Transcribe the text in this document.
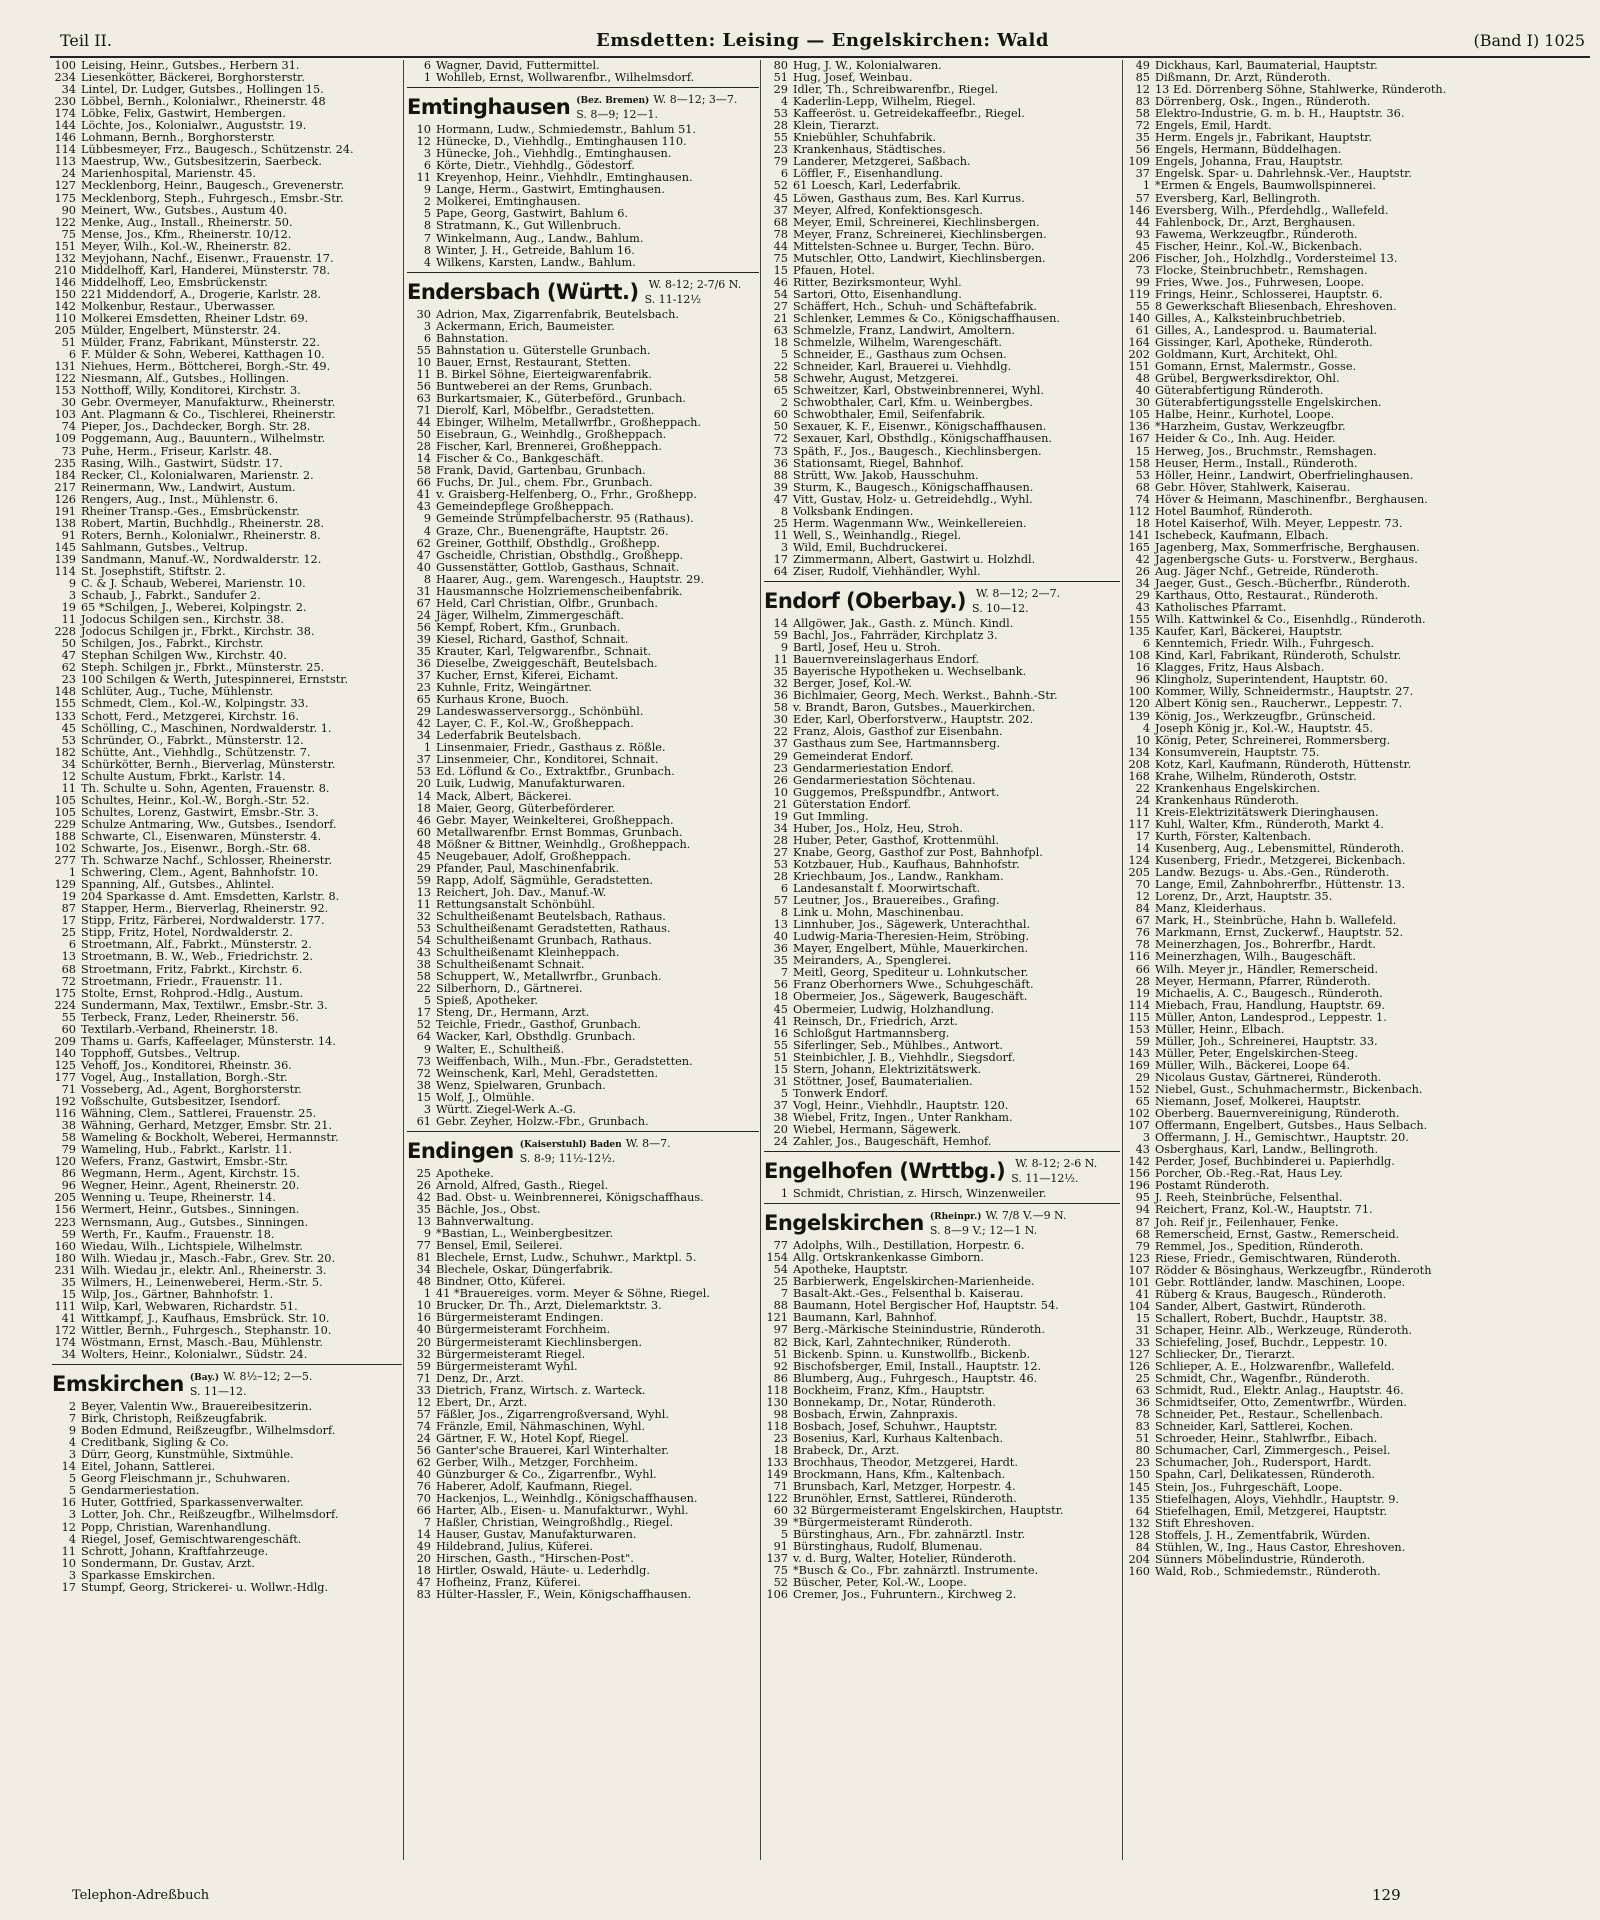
Teil II.	Emsdetten: Leising — Engelskirchen: Wald	(Band I) 1025
100 Leising, Heinr., Gutsbes., Herbern 31.
234 Liesenkötter, Bäckerei, Borghorsterstr.
34 Lintel, Dr. Ludger, Gutsbes., Hollingen 15.
230 Löbbel, Bernh., Kolonialwr., Rheinerstr. 48
174 Löbke, Felix, Gastwirt, Hembergen.
144 Löchte, Jos., Kolonialwr., Auguststr. 19.
146 Lohmann, Bernh., Borghorsterstr.
114 Lübbesmeyer, Frz., Baugesch., Schützenstr. 24.
113 Maestrup, Ww., Gutsbesitzerin, Saerbeck.
24 Marienhospital, Marienstr. 45.
127 Mecklenborg, Heinr., Baugesch., Grevenerstr.
175 Mecklenborg, Steph., Fuhrgesch., Emsbr.-Str.
90 Meinert, Ww., Gutsbes., Austum 40.
122 Menke, Aug., Install., Rheinerstr. 50.
75 Mense, Jos., Kfm., Rheinerstr. 10/12.
151 Meyer, Wilh., Kol.-W., Rheinerstr. 82.
132 Meyjohann, Nachf., Eisenwr., Frauenstr. 17.
210 Middelhoff, Karl, Handerei, Münsterstr. 78.
146 Middelhoff, Leo, Emsbrückenstr.
150 221 Middendorf, A., Drogerie, Karlstr. 28.
142 Molkenbur, Restaur., Überwasser.
110 Molkerei Emsdetten, Rheiner Ldstr. 69.
205 Mülder, Engelbert, Münsterstr. 24.
51 Mülder, Franz, Fabrikant, Münsterstr. 22.
6 F. Mülder & Sohn, Weberei, Katthagen 10.
131 Niehues, Herm., Böttcherei, Borgh.-Str. 49.
122 Niesmann, Alf., Gutsbes., Hollingen.
153 Notthoff, Willy, Konditorei, Kirchstr. 3.
30 Gebr. Overmeyer, Manufakturw., Rheinerstr.
103 Ant. Plagmann & Co., Tischlerei, Rheinerstr.
74 Pieper, Jos., Dachdecker, Borgh. Str. 28.
109 Poggemann, Aug., Bauuntern., Wilhelmstr.
73 Puhe, Herm., Friseur, Karlstr. 48.
235 Rasing, Wilh., Gastwirt, Südstr. 17.
184 Recker, Cl., Kolonialwaren, Marienstr. 2.
217 Reinermann, Ww., Landwirt, Austum.
126 Rengers, Aug., Inst., Mühlenstr. 6.
191 Rheiner Transp.-Ges., Emsbrückenstr.
138 Robert, Martin, Buchhdlg., Rheinerstr. 28.
91 Roters, Bernh., Kolonialwr., Rheinerstr. 8.
145 Sahlmann, Gutsbes., Veltrup.
139 Sandmann, Manuf.-W., Nordwalderstr. 12.
114 St. Josephstift, Stiftstr. 2.
9 C. & J. Schaub, Weberei, Marienstr. 10.
3 Schaub, J., Fabrkt., Sandufer 2.
19 65 *Schilgen, J., Weberei, Kolpingstr. 2.
11 Jodocus Schilgen sen., Kirchstr. 38.
228 Jodocus Schilgen jr., Fbrkt., Kirchstr. 38.
50 Schilgen, Jos., Fabrkt., Kirchstr.
47 Stephan Schilgen Ww., Kirchstr. 40.
62 Steph. Schilgen jr., Fbrkt., Münsterstr. 25.
23 100 Schilgen & Werth, Jutespinnerei, Ernststr.
148 Schlüter, Aug., Tuche, Mühlenstr.
155 Schmedt, Clem., Kol.-W., Kolpingstr. 33.
133 Schott, Ferd., Metzgerei, Kirchstr. 16.
45 Schölling, C., Maschinen, Nordwalderstr. 1.
53 Schründer, O., Fabrkt., Münsterstr. 12.
182 Schütte, Ant., Viehhdlg., Schützenstr. 7.
34 Schürkötter, Bernh., Bierverlag, Münsterstr.
12 Schulte Austum, Fbrkt., Karlstr. 14.
11 Th. Schulte u. Sohn, Agenten, Frauenstr. 8.
105 Schultes, Heinr., Kol.-W., Borgh.-Str. 52.
105 Schultes, Lorenz, Gastwirt, Emsbr.-Str. 3.
229 Schulze Antmaring, Ww., Gutsbes., Isendorf.
188 Schwarte, Cl., Eisenwaren, Münsterstr. 4.
102 Schwarte, Jos., Eisenwr., Borgh.-Str. 68.
277 Th. Schwarze Nachf., Schlosser, Rheinerstr.
1 Schwering, Clem., Agent, Bahnhofstr. 10.
129 Spanning, Alf., Gutsbes., Ahlintel.
19 204 Sparkasse d. Amt. Emsdetten, Karlstr. 8.
87 Stapper, Herm., Bierverlag, Rheinerstr. 92.
17 Stipp, Fritz, Färberei, Nordwalderstr. 177.
25 Stipp, Fritz, Hotel, Nordwalderstr. 2.
6 Stroetmann, Alf., Fabrkt., Münsterstr. 2.
13 Stroetmann, B. W., Web., Friedrichstr. 2.
68 Stroetmann, Fritz, Fabrkt., Kirchstr. 6.
72 Stroetmann, Friedr., Frauenstr. 11.
175 Stolte, Ernst, Rohprod.-Hdlg., Austum.
224 Sundermann, Max, Textilwr., Emsbr.-Str. 3.
55 Terbeck, Franz, Leder, Rheinerstr. 56.
60 Textilarb.-Verband, Rheinerstr. 18.
209 Thams u. Garfs, Kaffeelager, Münsterstr. 14.
140 Topphoff, Gutsbes., Veltrup.
125 Vehoff, Jos., Konditorei, Rheinstr. 36.
177 Vogel, Aug., Installation, Borgh.-Str.
71 Vosseberg, Ad., Agent, Borghorsterstr.
192 Voßschulte, Gutsbesitzer, Isendorf.
116 Wähning, Clem., Sattlerei, Frauenstr. 25.
38 Wähning, Gerhard, Metzger, Emsbr. Str. 21.
58 Wameling & Bockholt, Weberei, Hermannstr.
79 Wameling, Hub., Fabrkt., Karlstr. 11.
120 Wefers, Franz, Gastwirt, Emsbr.-Str.
86 Wegmann, Herm., Agent, Kirchstr. 15.
96 Wegner, Heinr., Agent, Rheinerstr. 20.
205 Wenning u. Teupe, Rheinerstr. 14.
156 Wermert, Heinr., Gutsbes., Sinningen.
223 Wernsmann, Aug., Gutsbes., Sinningen.
59 Werth, Fr., Kaufm., Frauenstr. 18.
160 Wiedau, Wilh., Lichtspiele, Wilhelmstr.
180 Wilh. Wiedau jr., Masch.-Fabr., Grev. Str. 20.
231 Wilh. Wiedau jr., elektr. Anl., Rheinerstr. 3.
35 Wilmers, H., Leinenweberei, Herm.-Str. 5.
15 Wilp, Jos., Gärtner, Bahnhofstr. 1.
111 Wilp, Karl, Webwaren, Richardstr. 51.
41 Wittkampf, J., Kaufhaus, Emsbrück. Str. 10.
172 Wittler, Bernh., Fuhrgesch., Stephanstr. 10.
174 Wöstmann, Ernst, Masch.-Bau, Mühlenstr.
34 Wolters, Heinr., Kolonialwr., Südstr. 24.
Emskirchen (Bay.) W. 8½–12; 2—5.
S. 11—12.
2 Beyer, Valentin Ww., Brauereibesitzerin.
7 Birk, Christoph, Reißzeugfabrik.
9 Boden Edmund, Reißzeugfbr., Wilhelmsdorf.
4 Creditbank, Sigling & Co.
3 Dürr, Georg, Kunstmühle, Sixtmühle.
14 Eitel, Johann, Sattlerei.
5 Georg Fleischmann jr., Schuhwaren.
5 Gendarmeriestation.
16 Huter, Gottfried, Sparkassenverwalter.
3 Lotter, Joh. Chr., Reißzeugfbr., Wilhelmsdorf.
12 Popp, Christian, Warenhandlung.
4 Riegel, Josef, Gemischtwarengeschäft.
11 Schrott, Johann, Kraftfahrzeuge.
10 Sondermann, Dr. Gustav, Arzt.
3 Sparkasse Emskirchen.
17 Stumpf, Georg, Strickerei- u. Wollwr.-Hdlg.
6 Wagner, David, Futtermittel.
1 Wohlleb, Ernst, Wollwarenfbr., Wilhelmsdorf.
Emtinghausen (Bez. Bremen) W. 8—12; 3—7.
S. 8—9; 12—1.
10 Hormann, Ludw., Schmiedemstr., Bahlum 51.
12 Hünecke, D., Viehhdlg., Emtinghausen 110.
3 Hünecke, Joh., Viehhdlg., Emtinghausen.
6 Körte, Dietr., Viehhdlg., Gödestorf.
11 Kreyenhop, Heinr., Viehhdlr., Emtinghausen.
9 Lange, Herm., Gastwirt, Emtinghausen.
2 Molkerei, Emtinghausen.
5 Pape, Georg, Gastwirt, Bahlum 6.
8 Stratmann, K., Gut Willenbruch.
7 Winkelmann, Aug., Landw., Bahlum.
8 Winter, J. H., Getreide, Bahlum 16.
4 Wilkens, Karsten, Landw., Bahlum.
Endersbach (Württ.) W. 8-12; 2-7/6 N.
S. 11-12½
30 Adrion, Max, Zigarrenfabrik, Beutelsbach.
3 Ackermann, Erich, Baumeister.
6 Bahnstation.
55 Bahnstation u. Güterstelle Grunbach.
10 Bauer, Ernst, Restaurant, Stetten.
11 B. Birkel Söhne, Eierteigwarenfabrik.
56 Buntweberei an der Rems, Grunbach.
63 Burkartsmaier, K., Güterbeförd., Grunbach.
71 Dierolf, Karl, Möbelfbr., Geradstetten.
44 Ebinger, Wilhelm, Metallwrfbr., Großheppach.
50 Eisebraun, G., Weinhdlg., Großheppach.
28 Fischer, Karl, Brennerei, Großheppach.
14 Fischer & Co., Bankgeschäft.
58 Frank, David, Gartenbau, Grunbach.
66 Fuchs, Dr. Jul., chem. Fbr., Grunbach.
41 v. Graisberg-Helfenberg, O., Frhr., Großhepp.
43 Gemeindepflege Großheppach.
9 Gemeinde Strümpfelbacherstr. 95 (Rathaus).
4 Graze, Chr., Buenengräfte, Hauptstr. 26.
62 Greiner, Gotthilf, Obsthdlg., Großhepp.
47 Gscheidle, Christian, Obsthdlg., Großhepp.
40 Gussenstätter, Gottlob, Gasthaus, Schnait.
8 Haarer, Aug., gem. Warengesch., Hauptstr. 29.
31 Hausmannsche Holzriemenscheibenfabrik.
67 Held, Carl Christian, Ölfbr., Grunbach.
24 Jäger, Wilhelm, Zimmergeschäft.
56 Kempf, Robert, Kfm., Grunbach.
39 Kiesel, Richard, Gasthof, Schnait.
35 Krauter, Karl, Telgwarenfbr., Schnait.
36 Dieselbe, Zweiggeschäft, Beutelsbach.
37 Kucher, Ernst, Kiferei, Eichamt.
23 Kuhnle, Fritz, Weingärtner.
65 Kurhaus Krone, Buoch.
29 Landeswasserversorgg., Schönbühl.
42 Layer, C. F., Kol.-W., Großheppach.
34 Lederfabrik Beutelsbach.
1 Linsenmaier, Friedr., Gasthaus z. Rößle.
37 Linsenmeier, Chr., Konditorei, Schnait.
53 Ed. Löflund & Co., Extraktfbr., Grunbach.
20 Luik, Ludwig, Manufakturwaren.
14 Mack, Albert, Bäckerei.
18 Maier, Georg, Güterbeförderer.
46 Gebr. Mayer, Weinkelterei, Großheppach.
60 Metallwarenfbr. Ernst Bommas, Grunbach.
48 Mößner & Bittner, Weinhdlg., Großheppach.
45 Neugebauer, Adolf, Großheppach.
29 Pfander, Paul, Maschinenfabrik.
59 Rapp, Adolf, Sägmühle, Geradstetten.
13 Reichert, Joh. Dav., Manuf.-W.
11 Rettungsanstalt Schönbühl.
32 Schultheißenamt Beutelsbach, Rathaus.
53 Schultheißenamt Geradstetten, Rathaus.
54 Schultheißenamt Grunbach, Rathaus.
43 Schultheißenamt Kleinheppach.
38 Schultheißenamt Schnait.
58 Schuppert, W., Metallwrfbr., Grunbach.
22 Silberhorn, D., Gärtnerei.
5 Spieß, Apotheker.
17 Steng, Dr., Hermann, Arzt.
52 Teichle, Friedr., Gasthof, Grunbach.
64 Wacker, Karl, Obsthdlg. Grunbach.
9 Walter, E., Schultheiß.
73 Weiffenbach, Wilh., Mun.-Fbr., Geradstetten.
72 Weinschenk, Karl, Mehl, Geradstetten.
38 Wenz, Spielwaren, Grunbach.
15 Wolf, J., Ölmühle.
3 Württ. Ziegel-Werk A.-G.
61 Gebr. Zeyher, Holzw.-Fbr., Grunbach.
Endingen (Kaiserstuhl) Baden W. 8—7.
S. 8-9; 11½-12½.
25 Apotheke.
26 Arnold, Alfred, Gasth., Riegel.
42 Bad. Obst- u. Weinbrennerei, Königschaffhaus.
35 Bächle, Jos., Obst.
13 Bahnverwaltung.
9 *Bastian, L., Weinbergbesitzer.
77 Bensel, Emil, Seilerei.
81 Blechele, Ernst, Ludw., Schuhwr., Marktpl. 5.
34 Blechele, Oskar, Düngerfabrik.
48 Bindner, Otto, Küferei.
1 41 *Brauereiges. vorm. Meyer & Söhne, Riegel.
10 Brucker, Dr. Th., Arzt, Dielemarktstr. 3.
16 Bürgermeisteramt Endingen.
40 Bürgermeisteramt Forchheim.
20 Bürgermeisteramt Kiechlinsbergen.
32 Bürgermeisteramt Riegel.
59 Bürgermeisteramt Wyhl.
71 Denz, Dr., Arzt.
33 Dietrich, Franz, Wirtsch. z. Warteck.
12 Ebert, Dr., Arzt.
57 Fäßler, Jos., Zigarrengroßversand, Wyhl.
74 Fränzle, Emil, Nähmaschinen, Wyhl.
24 Gärtner, F. W., Hotel Kopf, Riegel.
56 Ganter'sche Brauerei, Karl Winterhalter.
62 Gerber, Wilh., Metzger, Forchheim.
40 Günzburger & Co., Zigarrenfbr., Wyhl.
76 Haberer, Adolf, Kaufmann, Riegel.
70 Hackenjos, L., Weinhdlg., Königschaffhausen.
66 Harter, Alb., Eisen- u. Manufakturwr., Wyhl.
7 Haßler, Christian, Weingroßhdlg., Riegel.
14 Hauser, Gustav, Manufakturwaren.
49 Hildebrand, Julius, Küferei.
20 Hirschen, Gasth., "Hirschen-Post".
18 Hirtler, Oswald, Häute- u. Lederhdlg.
47 Hofheinz, Franz, Küferei.
83 Hülter-Hassler, F., Wein, Königschaffhausen.
80 Hug, J. W., Kolonialwaren.
51 Hug, Josef, Weinbau.
29 Idler, Th., Schreibwarenfbr., Riegel.
4 Kaderlin-Lepp, Wilhelm, Riegel.
53 Kaffeeröst. u. Getreidekaffeefbr., Riegel.
28 Klein, Tierarzt.
55 Kniebühler, Schuhfabrik.
23 Krankenhaus, Städtisches.
79 Landerer, Metzgerei, Saßbach.
6 Löffler, F., Eisenhandlung.
52 61 Loesch, Karl, Lederfabrik.
45 Löwen, Gasthaus zum, Bes. Karl Kurrus.
37 Meyer, Alfred, Konfektionsgesch.
68 Meyer, Emil, Schreinerei, Kiechlinsbergen.
78 Meyer, Franz, Schreinerei, Kiechlinsbergen.
44 Mittelsten-Schnee u. Burger, Techn. Büro.
75 Mutschler, Otto, Landwirt, Kiechlinsbergen.
15 Pfauen, Hotel.
46 Ritter, Bezirksmonteur, Wyhl.
54 Sartori, Otto, Eisenhandlung.
27 Schäffert, Hch., Schuh- und Schäftefabrik.
21 Schlenker, Lemmes & Co., Königschaffhausen.
63 Schmelzle, Franz, Landwirt, Amoltern.
18 Schmelzle, Wilhelm, Warengeschäft.
5 Schneider, E., Gasthaus zum Ochsen.
22 Schneider, Karl, Brauerei u. Viehhdlg.
58 Schwehr, August, Metzgerei.
65 Schweitzer, Karl, Obstweinbrennerei, Wyhl.
2 Schwobthaler, Carl, Kfm. u. Weinbergbes.
60 Schwobthaler, Emil, Seifenfabrik.
50 Sexauer, K. F., Eisenwr., Königschaffhausen.
72 Sexauer, Karl, Obsthdlg., Königschaffhausen.
73 Späth, F., Jos., Baugesch., Kiechlinsbergen.
36 Stationsamt, Riegel, Bahnhof.
88 Strütt, Ww. Jakob, Hausschuhm.
39 Sturm, K., Baugesch., Königschaffhausen.
47 Vitt, Gustav, Holz- u. Getreidehdlg., Wyhl.
8 Volksbank Endingen.
25 Herm. Wagenmann Ww., Weinkellereien.
11 Well, S., Weinhandlg., Riegel.
3 Wild, Emil, Buchdruckerei.
17 Zimmermann, Albert, Gastwirt u. Holzhdl.
64 Ziser, Rudolf, Viehhändler, Wyhl.
Endorf (Oberbay.) W. 8—12; 2—7.
S. 10—12.
14 Allgöwer, Jak., Gasth. z. Münch. Kindl.
59 Bachl, Jos., Fahrräder, Kirchplatz 3.
9 Bartl, Josef, Heu u. Stroh.
11 Bauernvereinslagerhaus Endorf.
35 Bayerische Hypotheken u. Wechselbank.
32 Berger, Josef, Kol.-W.
36 Bichlmaier, Georg, Mech. Werkst., Bahnh.-Str.
58 v. Brandt, Baron, Gutsbes., Mauerkirchen.
30 Eder, Karl, Oberforstverw., Hauptstr. 202.
22 Franz, Alois, Gasthof zur Eisenbahn.
37 Gasthaus zum See, Hartmannsberg.
29 Gemeinderat Endorf.
23 Gendarmeriestation Endorf.
26 Gendarmeriestation Söchtenau.
10 Guggemos, Preßspundfbr., Antwort.
21 Güterstation Endorf.
19 Gut Immling.
34 Huber, Jos., Holz, Heu, Stroh.
28 Huber, Peter, Gasthof, Krottenmühl.
27 Knabe, Georg, Gasthof zur Post, Bahnhofpl.
53 Kotzbauer, Hub., Kaufhaus, Bahnhofstr.
28 Kriechbaum, Jos., Landw., Rankham.
6 Landesanstalt f. Moorwirtschaft.
57 Leutner, Jos., Brauereibes., Grafing.
8 Link u. Mohn, Maschinenbau.
13 Linnhuber, Jos., Sägewerk, Unterachthal.
40 Ludwig-Maria-Theresien-Heim, Ströbing.
36 Mayer, Engelbert, Mühle, Mauerkirchen.
35 Meiranders, A., Spenglerei.
7 Meitl, Georg, Spediteur u. Lohnkutscher.
56 Franz Oberhorners Wwe., Schuhgeschäft.
18 Obermeier, Jos., Sägewerk, Baugeschäft.
45 Obermeier, Ludwig, Holzhandlung.
41 Reinsch, Dr., Friedrich, Arzt.
16 Schloßgut Hartmannsberg.
55 Siferlinger, Seb., Mühlbes., Antwort.
51 Steinbichler, J. B., Viehhdlr., Siegsdorf.
15 Stern, Johann, Elektrizitätswerk.
31 Stöttner, Josef, Baumaterialien.
5 Tonwerk Endorf.
37 Vogl, Heinr., Viehhdlr., Hauptstr. 120.
38 Wiebel, Fritz, Ingen., Unter Rankham.
20 Wiebel, Hermann, Sägewerk.
24 Zahler, Jos., Baugeschäft, Hemhof.
Engelhofen (Wrttbg.) W. 8-12; 2-6 N.
S. 11—12½.
1 Schmidt, Christian, z. Hirsch, Winzenweiler.
Engelskirchen (Rheinpr.) W. 7/8 V.—9 N.
S. 8—9 V.; 12—1 N.
77 Adolphs, Wilh., Destillation, Horpestr. 6.
154 Allg. Ortskrankenkasse Gimborn.
54 Apotheke, Hauptstr.
25 Barbierwerk, Engelskirchen-Marienheide.
7 Basalt-Akt.-Ges., Felsenthal b. Kaiserau.
88 Baumann, Hotel Bergischer Hof, Hauptstr. 54.
121 Baumann, Karl, Bahnhof.
97 Berg.-Märkische Steinindustrie, Ründeroth.
82 Bick, Karl, Zahntechniker, Ründeroth.
51 Bickenb. Spinn. u. Kunstwollfb., Bickenb.
92 Bischofsberger, Emil, Install., Hauptstr. 12.
86 Blumberg, Aug., Fuhrgesch., Hauptstr. 46.
118 Bockheim, Franz, Kfm., Hauptstr.
130 Bonnekamp, Dr., Notar, Ründeroth.
98 Bosbach, Erwin, Zahnpraxis.
118 Bosbach, Josef, Schuhwr., Hauptstr.
23 Bosenius, Karl, Kurhaus Kaltenbach.
18 Brabeck, Dr., Arzt.
133 Brochhaus, Theodor, Metzgerei, Hardt.
149 Brockmann, Hans, Kfm., Kaltenbach.
71 Brunsbach, Karl, Metzger, Horpestr. 4.
122 Brunöhler, Ernst, Sattlerei, Ründeroth.
60 32 Bürgermeisteramt Engelskirchen, Hauptstr.
39 *Bürgermeisteramt Ründeroth.
5 Bürstinghaus, Arn., Fbr. zahnärztl. Instr.
91 Bürstinghaus, Rudolf, Blumenau.
137 v. d. Burg, Walter, Hotelier, Ründeroth.
75 *Busch & Co., Fbr. zahnärztl. Instrumente.
52 Büscher, Peter, Kol.-W., Loope.
106 Cremer, Jos., Fuhruntern., Kirchweg 2.
49 Dickhaus, Karl, Baumaterial, Hauptstr.
85 Dißmann, Dr. Arzt, Ründeroth.
12 13 Ed. Dörrenberg Söhne, Stahlwerke, Ründeroth.
83 Dörrenberg, Osk., Ingen., Ründeroth.
58 Elektro-Industrie, G. m. b. H., Hauptstr. 36.
72 Engels, Emil, Hardt.
35 Herm. Engels jr., Fabrikant, Hauptstr.
56 Engels, Hermann, Büddelhagen.
109 Engels, Johanna, Frau, Hauptstr.
37 Engelsk. Spar- u. Dahrlehnsk.-Ver., Hauptstr.
1 *Ermen & Engels, Baumwollspinnerei.
57 Eversberg, Karl, Bellingroth.
146 Eversberg, Wilh., Pferdehdlg., Wallefeld.
44 Fahlenbock, Dr., Arzt, Berghausen.
93 Fawema, Werkzeugfbr., Ründeroth.
45 Fischer, Heinr., Kol.-W., Bickenbach.
206 Fischer, Joh., Holzhdlg., Vordersteimel 13.
73 Flocke, Steinbruchbetr., Remshagen.
99 Fries, Wwe. Jos., Fuhrwesen, Loope.
119 Frings, Heinr., Schlosserei, Hauptstr. 6.
55 8 Gewerkschaft Bliesenbach, Ehreshoven.
140 Gilles, A., Kalksteinbruchbetrieb.
61 Gilles, A., Landesprod. u. Baumaterial.
164 Gissinger, Karl, Apotheke, Ründeroth.
202 Goldmann, Kurt, Architekt, Ohl.
151 Gomann, Ernst, Malermstr., Gosse.
48 Grübel, Bergwerksdirektor, Ohl.
40 Güterabfertigung Ründeroth.
30 Güterabfertigungsstelle Engelskirchen.
105 Halbe, Heinr., Kurhotel, Loope.
136 *Harzheim, Gustav, Werkzeugfbr.
167 Heider & Co., Inh. Aug. Heider.
15 Herweg, Jos., Bruchmstr., Remshagen.
158 Heuser, Herm., Install., Ründeroth.
53 Höller, Heinr., Landwirt, Oberfrielinghausen.
68 Gebr. Höver, Stahlwerk, Kaiserau.
74 Höver & Heimann, Maschinenfbr., Berghausen.
112 Hotel Baumhof, Ründeroth.
18 Hotel Kaiserhof, Wilh. Meyer, Leppestr. 73.
141 Ischebeck, Kaufmann, Elbach.
165 Jagenberg, Max, Sommerfrische, Berghausen.
42 Jagenbergsche Guts- u. Forstverw., Berghaus.
26 Aug. Jäger Nchf., Getreide, Ründeroth.
34 Jaeger, Gust., Gesch.-Bücherfbr., Ründeroth.
29 Karthaus, Otto, Restaurat., Ründeroth.
43 Katholisches Pfarramt.
155 Wilh. Kattwinkel & Co., Eisenhdlg., Ründeroth.
135 Kaufer, Karl, Bäckerei, Hauptstr.
6 Kenntemich, Friedr. Wilh., Fuhrgesch.
108 Kind, Karl, Fabrikant, Ründeroth, Schulstr.
16 Klagges, Fritz, Haus Alsbach.
96 Klingholz, Superintendent, Hauptstr. 60.
100 Kommer, Willy, Schneidermstr., Hauptstr. 27.
120 Albert König sen., Raucherwr., Leppestr. 7.
139 König, Jos., Werkzeugfbr., Grünscheid.
4 Joseph König jr., Kol.-W., Hauptstr. 45.
10 König, Peter, Schreinerei, Rommersberg.
134 Konsumverein, Hauptstr. 75.
208 Kotz, Karl, Kaufmann, Ründeroth, Hüttenstr.
168 Krahe, Wilhelm, Ründeroth, Oststr.
22 Krankenhaus Engelskirchen.
24 Krankenhaus Ründeroth.
11 Kreis-Elektrizitätswerk Dieringhausen.
117 Kuhl, Walter, Kfm., Ründeroth, Markt 4.
17 Kurth, Förster, Kaltenbach.
14 Kusenberg, Aug., Lebensmittel, Ründeroth.
124 Kusenberg, Friedr., Metzgerei, Bickenbach.
205 Landw. Bezugs- u. Abs.-Gen., Ründeroth.
70 Lange, Emil, Zahnbohrerfbr., Hüttenstr. 13.
12 Lorenz, Dr., Arzt, Hauptstr. 35.
84 Manz, Kleiderhaus.
67 Mark, H., Steinbrüche, Hahn b. Wallefeld.
76 Markmann, Ernst, Zuckerwf., Hauptstr. 52.
78 Meinerzhagen, Jos., Bohrerfbr., Hardt.
116 Meinerzhagen, Wilh., Baugeschäft.
66 Wilh. Meyer jr., Händler, Remerscheid.
28 Meyer, Hermann, Pfarrer, Ründeroth.
19 Michaelis, A. C., Baugesch., Ründeroth.
114 Miebach, Frau, Handlung, Hauptstr. 69.
115 Müller, Anton, Landesprod., Leppestr. 1.
153 Müller, Heinr., Elbach.
59 Müller, Joh., Schreinerei, Hauptstr. 33.
143 Müller, Peter, Engelskirchen-Steeg.
169 Müller, Wilh., Bäckerei, Loope 64.
29 Nicolaus Gustav, Gärtnerei, Ründeroth.
152 Niebel, Gust., Schuhmachermstr., Bickenbach.
65 Niemann, Josef, Molkerei, Hauptstr.
102 Oberberg. Bauernvereinigung, Ründeroth.
107 Offermann, Engelbert, Gutsbes., Haus Selbach.
3 Offermann, J. H., Gemischtwr., Hauptstr. 20.
43 Osberghaus, Karl, Landw., Bellingroth.
142 Perder, Josef, Buchbinderei u. Papierhdlg.
156 Porcher, Ob.-Reg.-Rat, Haus Ley.
196 Postamt Ründeroth.
95 J. Reeh, Steinbrüche, Felsenthal.
94 Reichert, Franz, Kol.-W., Hauptstr. 71.
87 Joh. Reif jr., Feilenhauer, Fenke.
68 Remerscheid, Ernst, Gastw., Remerscheid.
79 Remmel, Jos., Spedition, Ründeroth.
123 Riese, Friedr., Gemischtwaren, Ründeroth.
107 Rödder & Bösinghaus, Werkzeugfbr., Ründeroth
101 Gebr. Rottländer, landw. Maschinen, Loope.
41 Rüberg & Kraus, Baugesch., Ründeroth.
104 Sander, Albert, Gastwirt, Ründeroth.
15 Schallert, Robert, Buchdr., Hauptstr. 38.
31 Schaper, Heinr. Alb., Werkzeuge, Ründeroth.
33 Schiefeling, Josef, Buchdr., Leppestr. 10.
127 Schliecker, Dr., Tierarzt.
126 Schlieper, A. E., Holzwarenfbr., Wallefeld.
25 Schmidt, Chr., Wagenfbr., Ründeroth.
63 Schmidt, Rud., Elektr. Anlag., Hauptstr. 46.
36 Schmidtseifer, Otto, Zementwrfbr., Würden.
78 Schneider, Pet., Restaur., Schellenbach.
83 Schneider, Karl, Sattlerei, Kochen.
51 Schroeder, Heinr., Stahlwrfbr., Eibach.
80 Schumacher, Carl, Zimmergesch., Peisel.
23 Schumacher, Joh., Rudersport, Hardt.
150 Spahn, Carl, Delikatessen, Ründeroth.
145 Stein, Jos., Fuhrgeschäft, Loope.
135 Stiefelhagen, Aloys, Viehhdlr., Hauptstr. 9.
64 Stiefelhagen, Emil, Metzgerei, Hauptstr.
132 Stift Ehreshoven.
128 Stoffels, J. H., Zementfabrik, Würden.
84 Stühlen, W., Ing., Haus Castor, Ehreshoven.
204 Sünners Möbelindustrie, Ründeroth.
160 Wald, Rob., Schmiedemstr., Ründeroth.
Telephon-Adreßbuch	129
